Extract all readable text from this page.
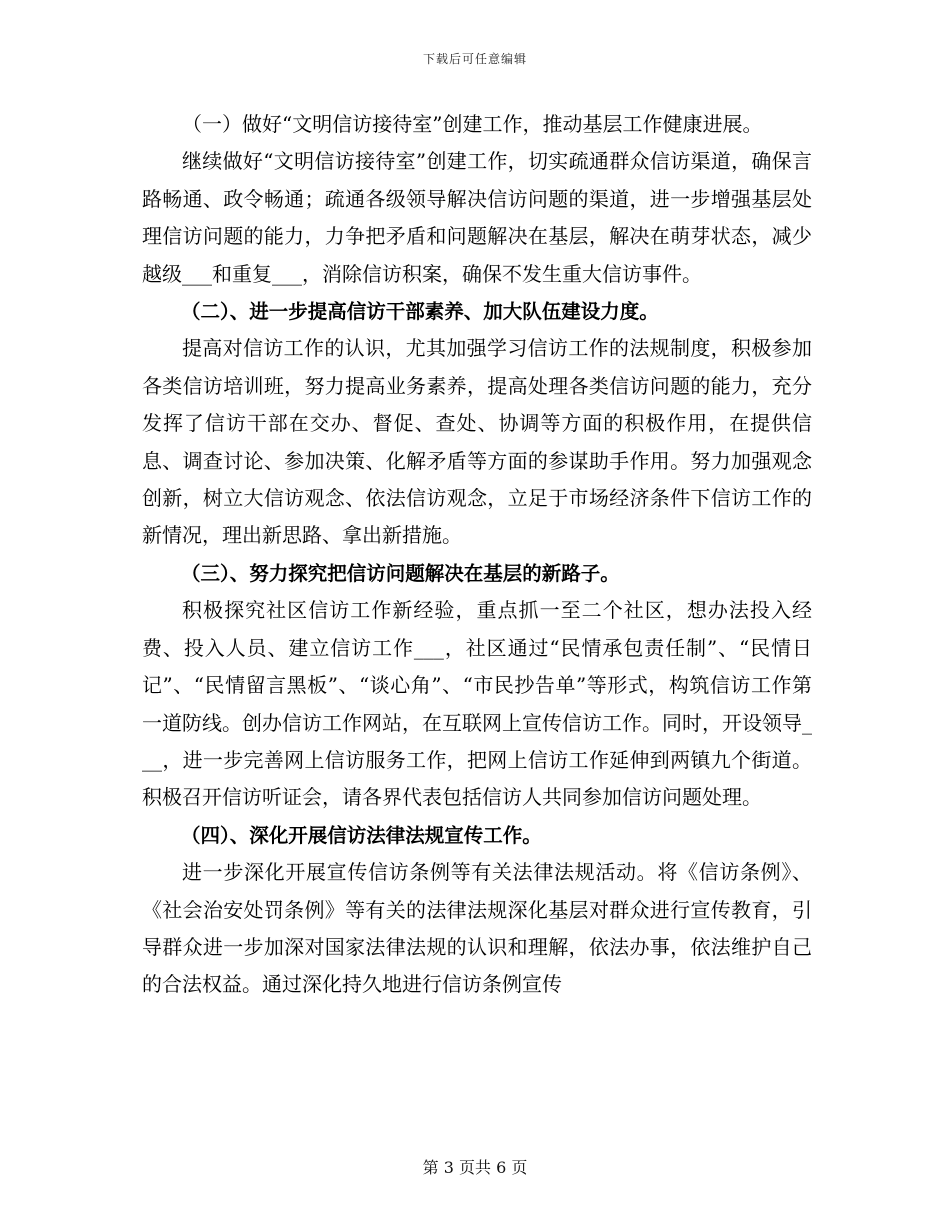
下载后可任意编辑

（一）做好“文明信访接待室”创建工作，推动基层工作健康进展。

继续做好“文明信访接待室”创建工作，切实疏通群众信访渠道，确保言路畅通、政令畅通；疏通各级领导解决信访问题的渠道，进一步增强基层处理信访问题的能力，力争把矛盾和问题解决在基层，解决在萌芽状态，减少越级___和重复___，消除信访积案，确保不发生重大信访事件。

（二）、进一步提高信访干部素养、加大队伍建设力度。

提高对信访工作的认识，尤其加强学习信访工作的法规制度，积极参加各类信访培训班，努力提高业务素养，提高处理各类信访问题的能力，充分发挥了信访干部在交办、督促、查处、协调等方面的积极作用，在提供信息、调查讨论、参加决策、化解矛盾等方面的参谋助手作用。努力加强观念创新，树立大信访观念、依法信访观念，立足于市场经济条件下信访工作的新情况，理出新思路、拿出新措施。

（三）、努力探究把信访问题解决在基层的新路子。

积极探究社区信访工作新经验，重点抓一至二个社区，想办法投入经费、投入人员、建立信访工作___，社区通过“民情承包责任制”、“民情日记”、“民情留言黑板”、“谈心角”、“市民抄告单”等形式，构筑信访工作第一道防线。创办信访工作网站，在互联网上宣传信访工作。同时，开设领导___，进一步完善网上信访服务工作，把网上信访工作延伸到两镇九个街道。积极召开信访听证会，请各界代表包括信访人共同参加信访问题处理。

（四）、深化开展信访法律法规宣传工作。

进一步深化开展宣传信访条例等有关法律法规活动。将《信访条例》、《社会治安处罚条例》等有关的法律法规深化基层对群众进行宣传教育，引导群众进一步加深对国家法律法规的认识和理解，依法办事，依法维护自己的合法权益。通过深化持久地进行信访条例宣传

第 3 页共 6 页
